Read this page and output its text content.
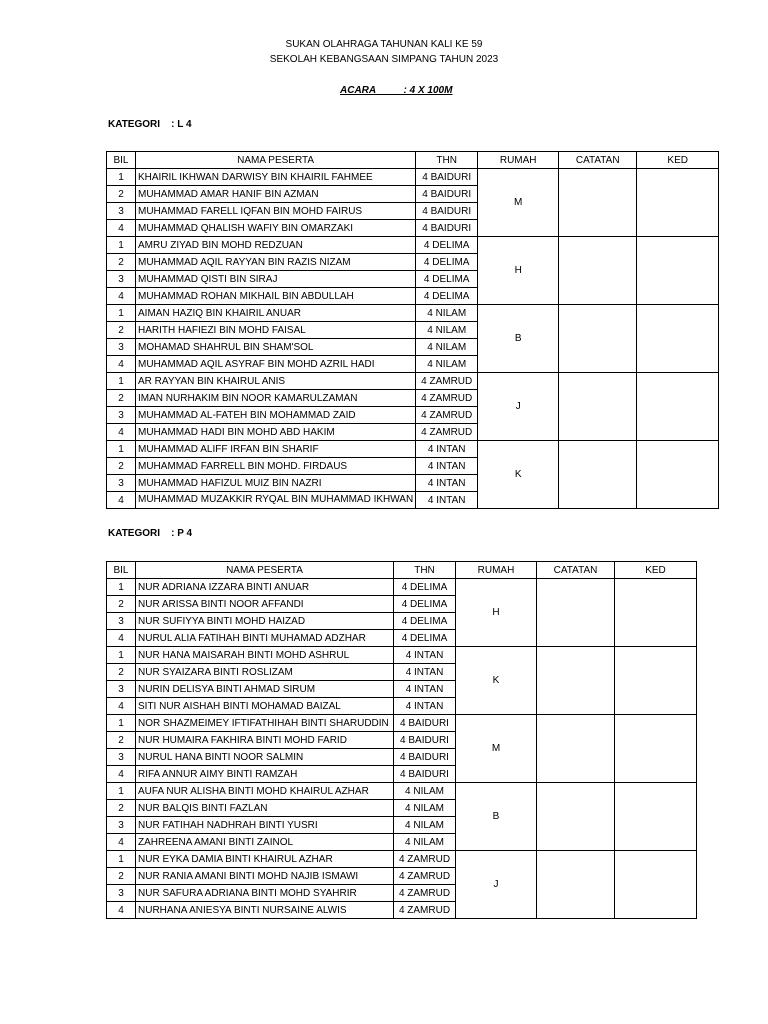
SUKAN OLAHRAGA TAHUNAN KALI KE 59
SEKOLAH KEBANGSAAN SIMPANG TAHUN 2023
ACARA          : 4 X 100M
KATEGORI    : L 4
BIL	NAMA PESERTA	THN	RUMAH	CATATAN	KED
1	KHAIRIL IKHWAN DARWISY BIN KHAIRIL FAHMEE	4 BAIDURI	M		
2	MUHAMMAD AMAR HANIF BIN AZMAN	4 BAIDURI			
3	MUHAMMAD FARELL IQFAN BIN MOHD FAIRUS	4 BAIDURI			
4	MUHAMMAD QHALISH WAFIY BIN OMARZAKI	4 BAIDURI			
1	AMRU ZIYAD BIN MOHD REDZUAN	4 DELIMA	H		
2	MUHAMMAD AQIL RAYYAN BIN RAZIS NIZAM	4 DELIMA			
3	MUHAMMAD QISTI BIN SIRAJ	4 DELIMA			
4	MUHAMMAD ROHAN MIKHAIL BIN ABDULLAH	4 DELIMA			
1	AIMAN HAZIQ BIN KHAIRIL ANUAR	4 NILAM	B		
2	HARITH HAFIEZI BIN MOHD FAISAL	4 NILAM			
3	MOHAMAD SHAHRUL BIN SHAM'SOL	4 NILAM			
4	MUHAMMAD AQIL ASYRAF BIN MOHD AZRIL HADI	4 NILAM			
1	AR RAYYAN BIN KHAIRUL ANIS	4 ZAMRUD	J		
2	IMAN NURHAKIM BIN NOOR KAMARULZAMAN	4 ZAMRUD			
3	MUHAMMAD AL-FATEH BIN MOHAMMAD ZAID	4 ZAMRUD			
4	MUHAMMAD HADI BIN MOHD ABD HAKIM	4 ZAMRUD			
1	MUHAMMAD ALIFF IRFAN BIN SHARIF	4 INTAN	K		
2	MUHAMMAD FARRELL BIN MOHD. FIRDAUS	4 INTAN			
3	MUHAMMAD HAFIZUL MUIZ BIN NAZRI	4 INTAN			
4	MUHAMMAD MUZAKKIR RYQAL BIN MUHAMMAD IKHWAN	4 INTAN			
KATEGORI    : P 4
BIL	NAMA PESERTA	THN	RUMAH	CATATAN	KED
1	NUR ADRIANA IZZARA BINTI ANUAR	4 DELIMA	H		
2	NUR ARISSA BINTI NOOR AFFANDI	4 DELIMA			
3	NUR SUFIYYA BINTI MOHD HAIZAD	4 DELIMA			
4	NURUL ALIA FATIHAH BINTI MUHAMAD ADZHAR	4 DELIMA			
1	NUR HANA MAISARAH BINTI MOHD ASHRUL	4 INTAN	K		
2	NUR SYAIZARA BINTI ROSLIZAM	4 INTAN			
3	NURIN DELISYA BINTI AHMAD SIRUM	4 INTAN			
4	SITI NUR AISHAH BINTI MOHAMAD BAIZAL	4 INTAN			
1	NOR SHAZMEIMEY IFTIFATHIHAH BINTI SHARUDDIN	4 BAIDURI	M		
2	NUR HUMAIRA FAKHIRA BINTI MOHD FARID	4 BAIDURI			
3	NURUL HANA BINTI NOOR SALMIN	4 BAIDURI			
4	RIFA ANNUR AIMY BINTI RAMZAH	4 BAIDURI			
1	AUFA NUR ALISHA BINTI MOHD KHAIRUL AZHAR	4 NILAM	B		
2	NUR BALQIS BINTI FAZLAN	4 NILAM			
3	NUR FATIHAH NADHRAH BINTI YUSRI	4 NILAM			
4	ZAHREENA AMANI BINTI ZAINOL	4 NILAM			
1	NUR EYKA DAMIA BINTI KHAIRUL AZHAR	4 ZAMRUD	J		
2	NUR RANIA AMANI BINTI MOHD NAJIB ISMAWI	4 ZAMRUD			
3	NUR SAFURA ADRIANA BINTI MOHD SYAHRIR	4 ZAMRUD			
4	NURHANA ANIESYA BINTI NURSAINE ALWIS	4 ZAMRUD			
